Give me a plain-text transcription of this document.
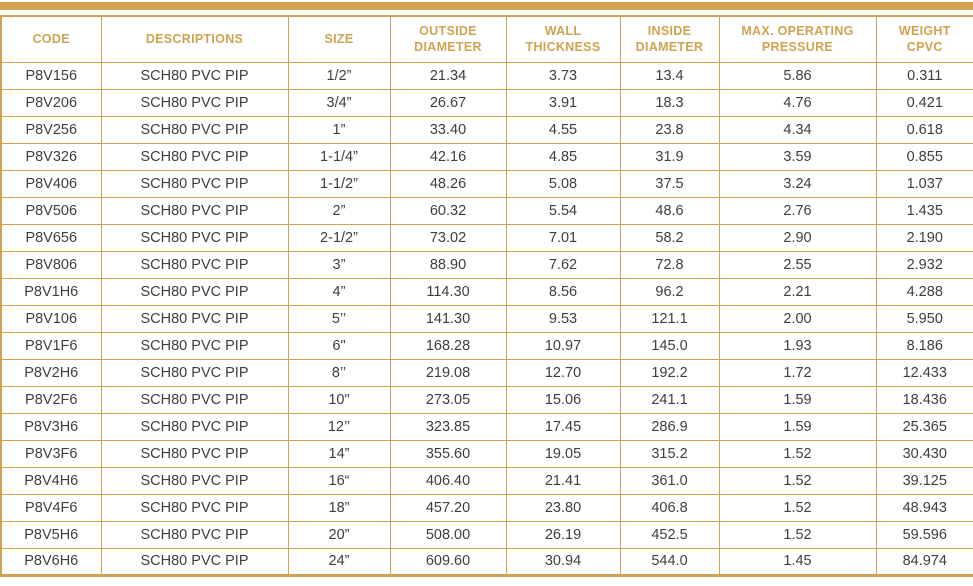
CODE	DESCRIPTIONS	SIZE	OUTSIDE DIAMETER	WALL THICKNESS	INSIDE DIAMETER	MAX. OPERATING PRESSURE	WEIGHT CPVC
P8V156	SCH80 PVC PIP	1/2”	21.34	3.73	13.4	5.86	0.311
P8V206	SCH80 PVC PIP	3/4”	26.67	3.91	18.3	4.76	0.421
P8V256	SCH80 PVC PIP	1”	33.40	4.55	23.8	4.34	0.618
P8V326	SCH80 PVC PIP	1-1/4”	42.16	4.85	31.9	3.59	0.855
P8V406	SCH80 PVC PIP	1-1/2”	48.26	5.08	37.5	3.24	1.037
P8V506	SCH80 PVC PIP	2”	60.32	5.54	48.6	2.76	1.435
P8V656	SCH80 PVC PIP	2-1/2”	73.02	7.01	58.2	2.90	2.190
P8V806	SCH80 PVC PIP	3”	88.90	7.62	72.8	2.55	2.932
P8V1H6	SCH80 PVC PIP	4”	114.30	8.56	96.2	2.21	4.288
P8V106	SCH80 PVC PIP	5’’	141.30	9.53	121.1	2.00	5.950
P8V1F6	SCH80 PVC PIP	6"	168.28	10.97	145.0	1.93	8.186
P8V2H6	SCH80 PVC PIP	8’’	219.08	12.70	192.2	1.72	12.433
P8V2F6	SCH80 PVC PIP	10"	273.05	15.06	241.1	1.59	18.436
P8V3H6	SCH80 PVC PIP	12’’	323.85	17.45	286.9	1.59	25.365
P8V3F6	SCH80 PVC PIP	14”	355.60	19.05	315.2	1.52	30.430
P8V4H6	SCH80 PVC PIP	16“	406.40	21.41	361.0	1.52	39.125
P8V4F6	SCH80 PVC PIP	18”	457.20	23.80	406.8	1.52	48.943
P8V5H6	SCH80 PVC PIP	20”	508.00	26.19	452.5	1.52	59.596
P8V6H6	SCH80 PVC PIP	24”	609.60	30.94	544.0	1.45	84.974
